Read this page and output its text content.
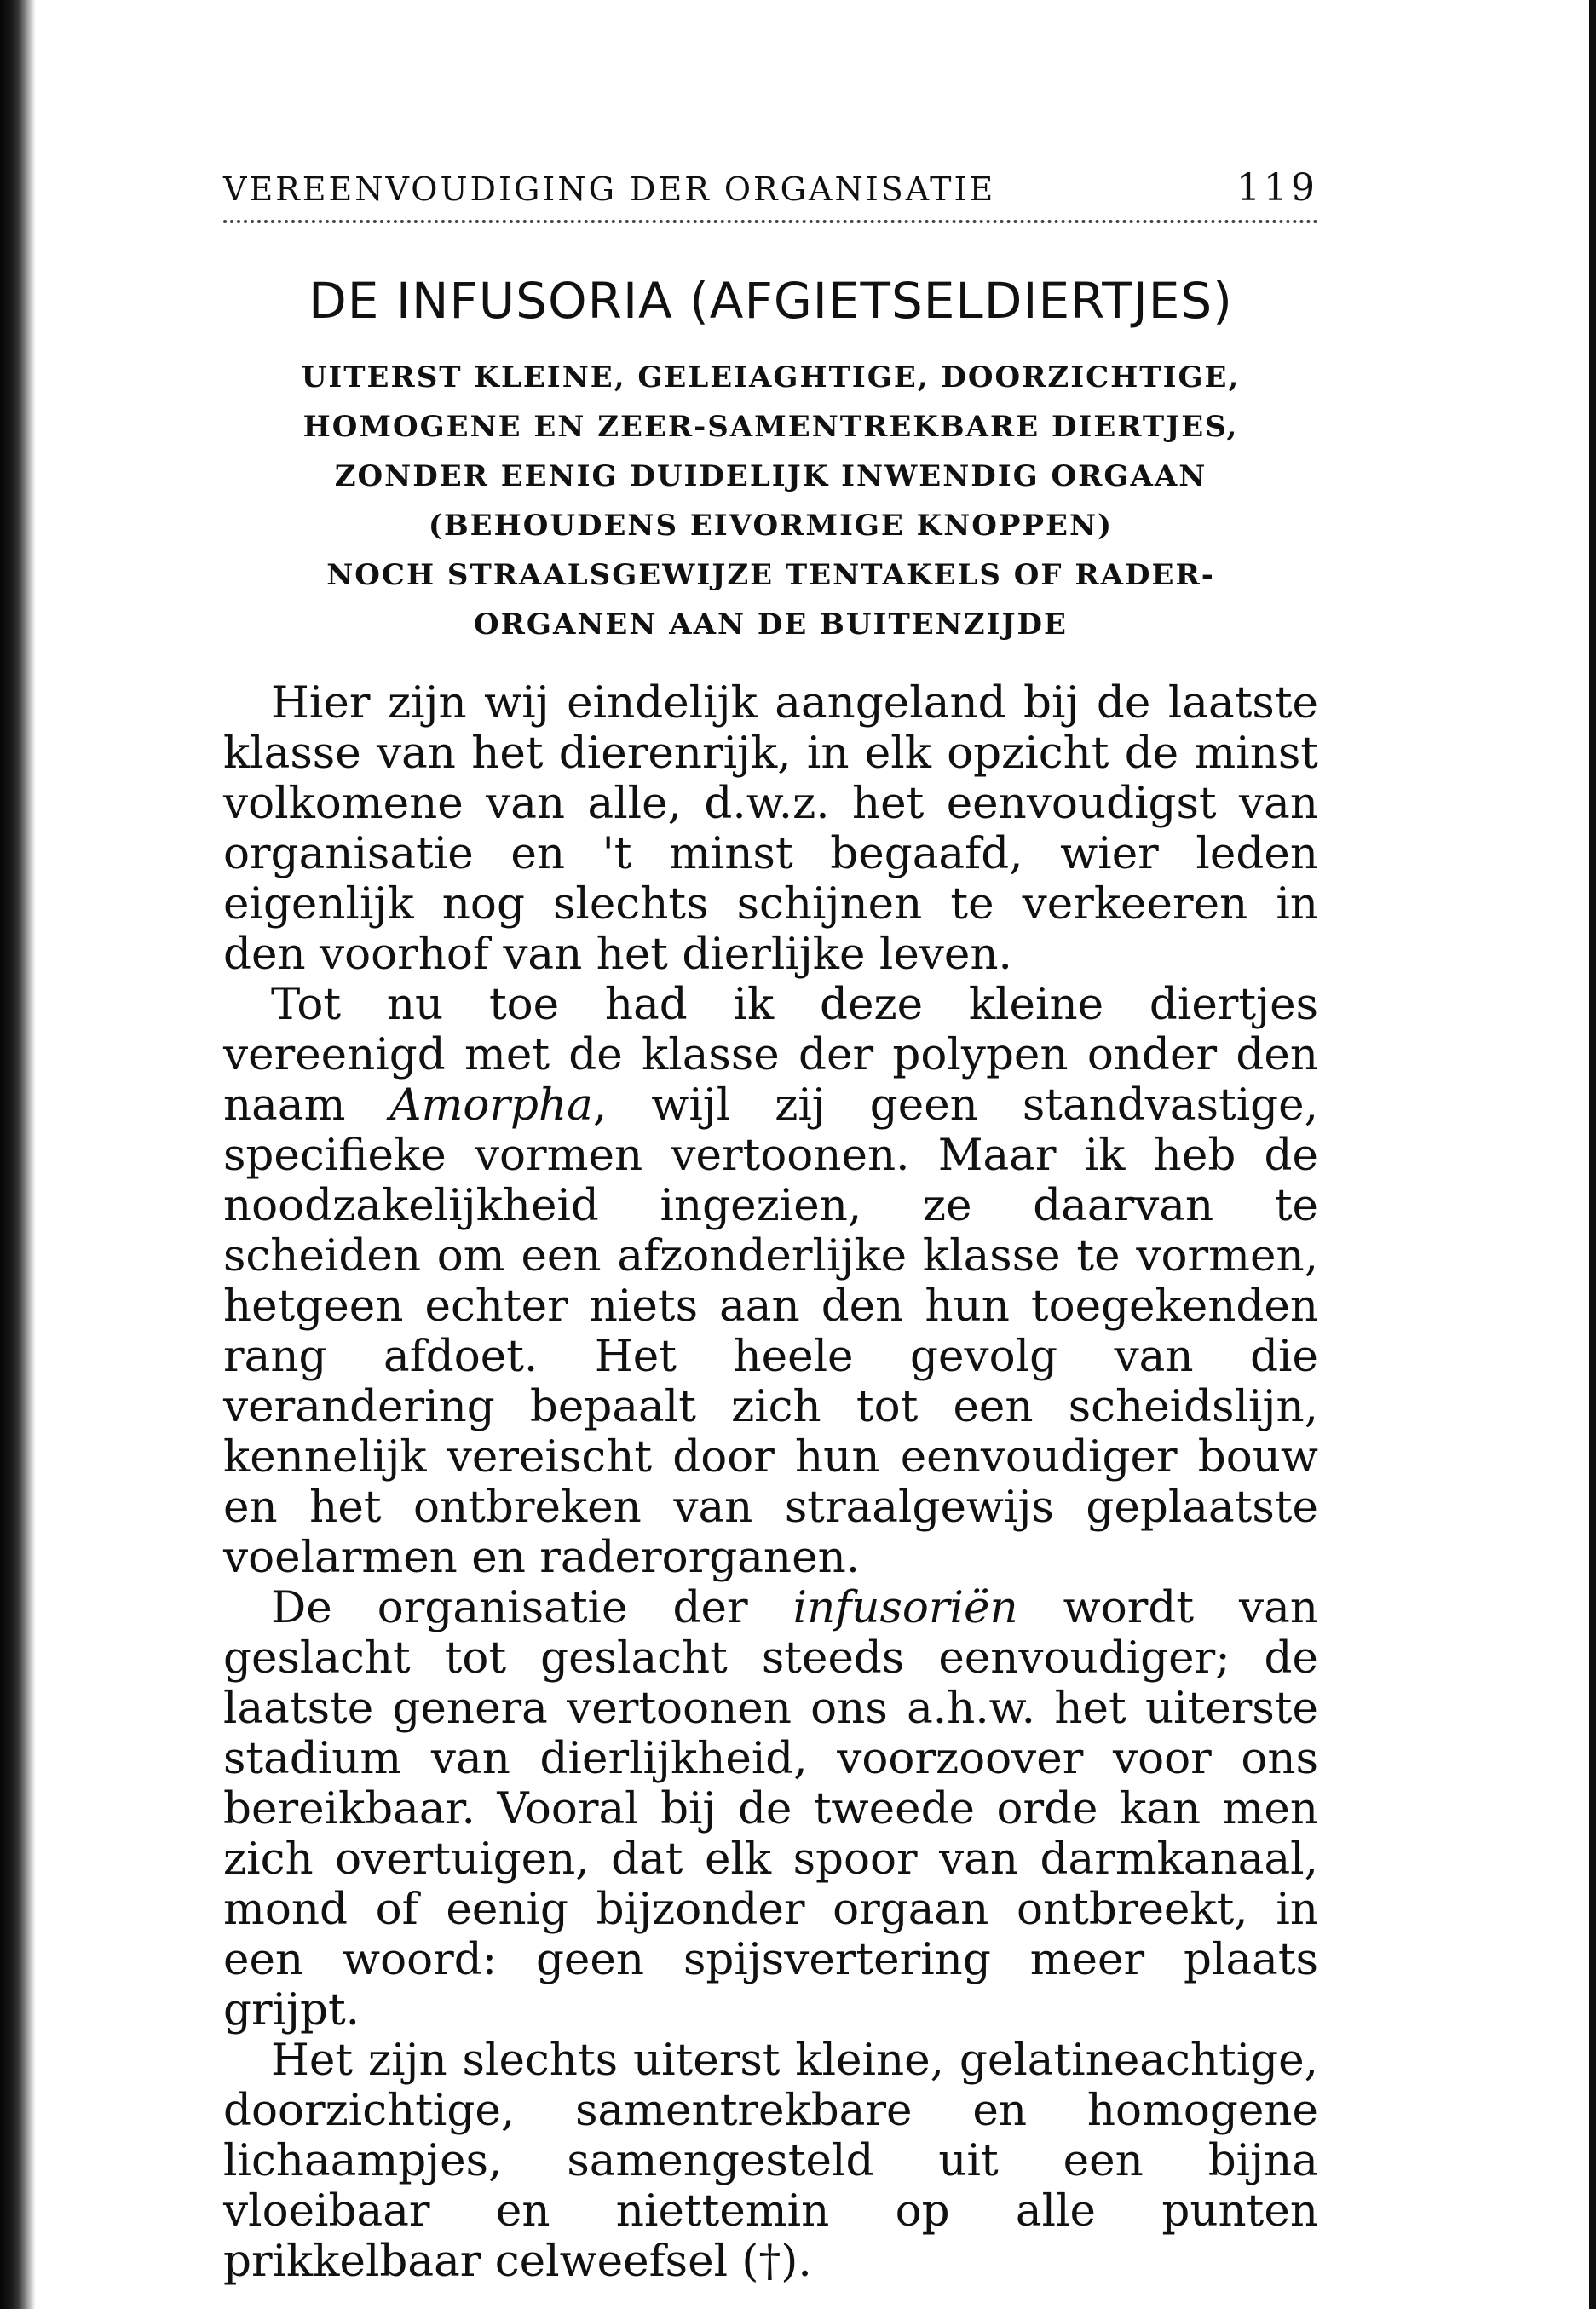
VEREENVOUDIGING DER ORGANISATIE	119
DE INFUSORIA (AFGIETSELDIERTJES)
UITERST KLEINE, GELEIAGHTIGE, DOORZICHTIGE,
HOMOGENE EN ZEER-SAMENTREKBARE DIERTJES,
ZONDER EENIG DUIDELIJK INWENDIG ORGAAN
(BEHOUDENS EIVORMIGE KNOPPEN)
NOCH STRAALSGEWIJZE TENTAKELS OF RADER-
ORGANEN AAN DE BUITENZIJDE

Hier zijn wij eindelijk aangeland bij de laatste klasse van het dierenrijk, in elk opzicht de minst volkomene van alle, d.w.z. het eenvoudigst van organisatie en 't minst begaafd, wier leden eigenlijk nog slechts schijnen te verkeeren in den voorhof van het dierlijke leven.

Tot nu toe had ik deze kleine diertjes vereenigd met de klasse der polypen onder den naam Amorpha, wijl zij geen standvastige, specifieke vormen vertoonen. Maar ik heb de noodzakelijkheid ingezien, ze daarvan te scheiden om een afzonderlijke klasse te vormen, hetgeen echter niets aan den hun toegekenden rang afdoet. Het heele gevolg van die verandering bepaalt zich tot een scheidslijn, kennelijk vereischt door hun eenvoudiger bouw en het ontbreken van straalgewijs geplaatste voelarmen en raderorganen.

De organisatie der infusoriën wordt van geslacht tot geslacht steeds eenvoudiger; de laatste genera vertoonen ons a.h.w. het uiterste stadium van dierlijkheid, voorzoover voor ons bereikbaar. Vooral bij de tweede orde kan men zich overtuigen, dat elk spoor van darmkanaal, mond of eenig bijzonder orgaan ontbreekt, in een woord: geen spijsvertering meer plaats grijpt.

Het zijn slechts uiterst kleine, gelatineachtige, doorzichtige, samentrekbare en homogene lichaampjes, samengesteld uit een bijna vloeibaar en niettemin op alle punten prikkelbaar celweefsel (†).
